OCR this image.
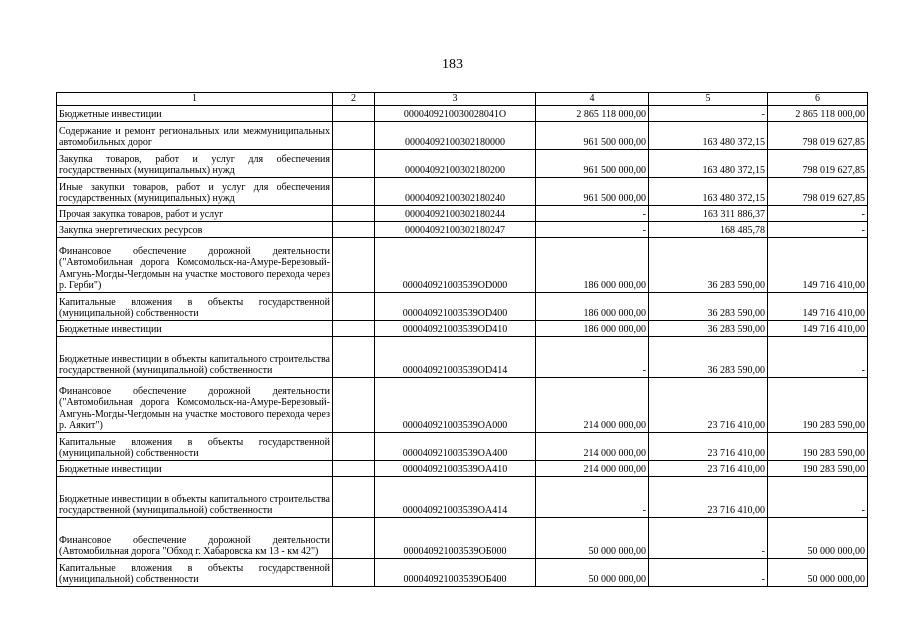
183
1	2	3	4	5	6

Бюджетные инвестиции		0000409210030028041О	2 865 118 000,00	-	2 865 118 000,00

Содержание и ремонт региональных или межмуниципальных автомобильных дорог		00004092100302180000	961 500 000,00	163 480 372,15	798 019 627,85

Закупка товаров, работ и услуг для обеспечения государственных (муниципальных) нужд		00004092100302180200	961 500 000,00	163 480 372,15	798 019 627,85

Иные закупки товаров, работ и услуг для обеспечения государственных (муниципальных) нужд		00004092100302180240	961 500 000,00	163 480 372,15	798 019 627,85

Прочая закупка товаров, работ и услуг		00004092100302180244	-	163 311 886,37	-

Закупка энергетических ресурсов		00004092100302180247	-	168 485,78	-

Финансовое обеспечение дорожной деятельности ("Автомобильная дорога Комсомольск-на-Амуре-Березовый-Амгунь-Могды-Чегдомын на участке мостового перехода через р. Герби")		000040921003539OD000	186 000 000,00	36 283 590,00	149 716 410,00

Капитальные вложения в объекты государственной (муниципальной) собственности		000040921003539OD400	186 000 000,00	36 283 590,00	149 716 410,00

Бюджетные инвестиции		000040921003539OD410	186 000 000,00	36 283 590,00	149 716 410,00

Бюджетные инвестиции в объекты капитального строительства государственной (муниципальной) собственности		000040921003539OD414	-	36 283 590,00	-

Финансовое обеспечение дорожной деятельности ("Автомобильная дорога Комсомольск-на-Амуре-Березовый-Амгунь-Могды-Чегдомын на участке мостового перехода через р. Аякит")		000040921003539OA000	214 000 000,00	23 716 410,00	190 283 590,00

Капитальные вложения в объекты государственной (муниципальной) собственности		000040921003539OA400	214 000 000,00	23 716 410,00	190 283 590,00

Бюджетные инвестиции		000040921003539OA410	214 000 000,00	23 716 410,00	190 283 590,00

Бюджетные инвестиции в объекты капитального строительства государственной (муниципальной) собственности		000040921003539OA414	-	23 716 410,00	-

Финансовое обеспечение дорожной деятельности (Автомобильная дорога "Обход г. Хабаровска км 13 - км 42")		000040921003539OБ000	50 000 000,00	-	50 000 000,00

Капитальные вложения в объекты государственной (муниципальной) собственности		000040921003539OБ400	50 000 000,00	-	50 000 000,00
